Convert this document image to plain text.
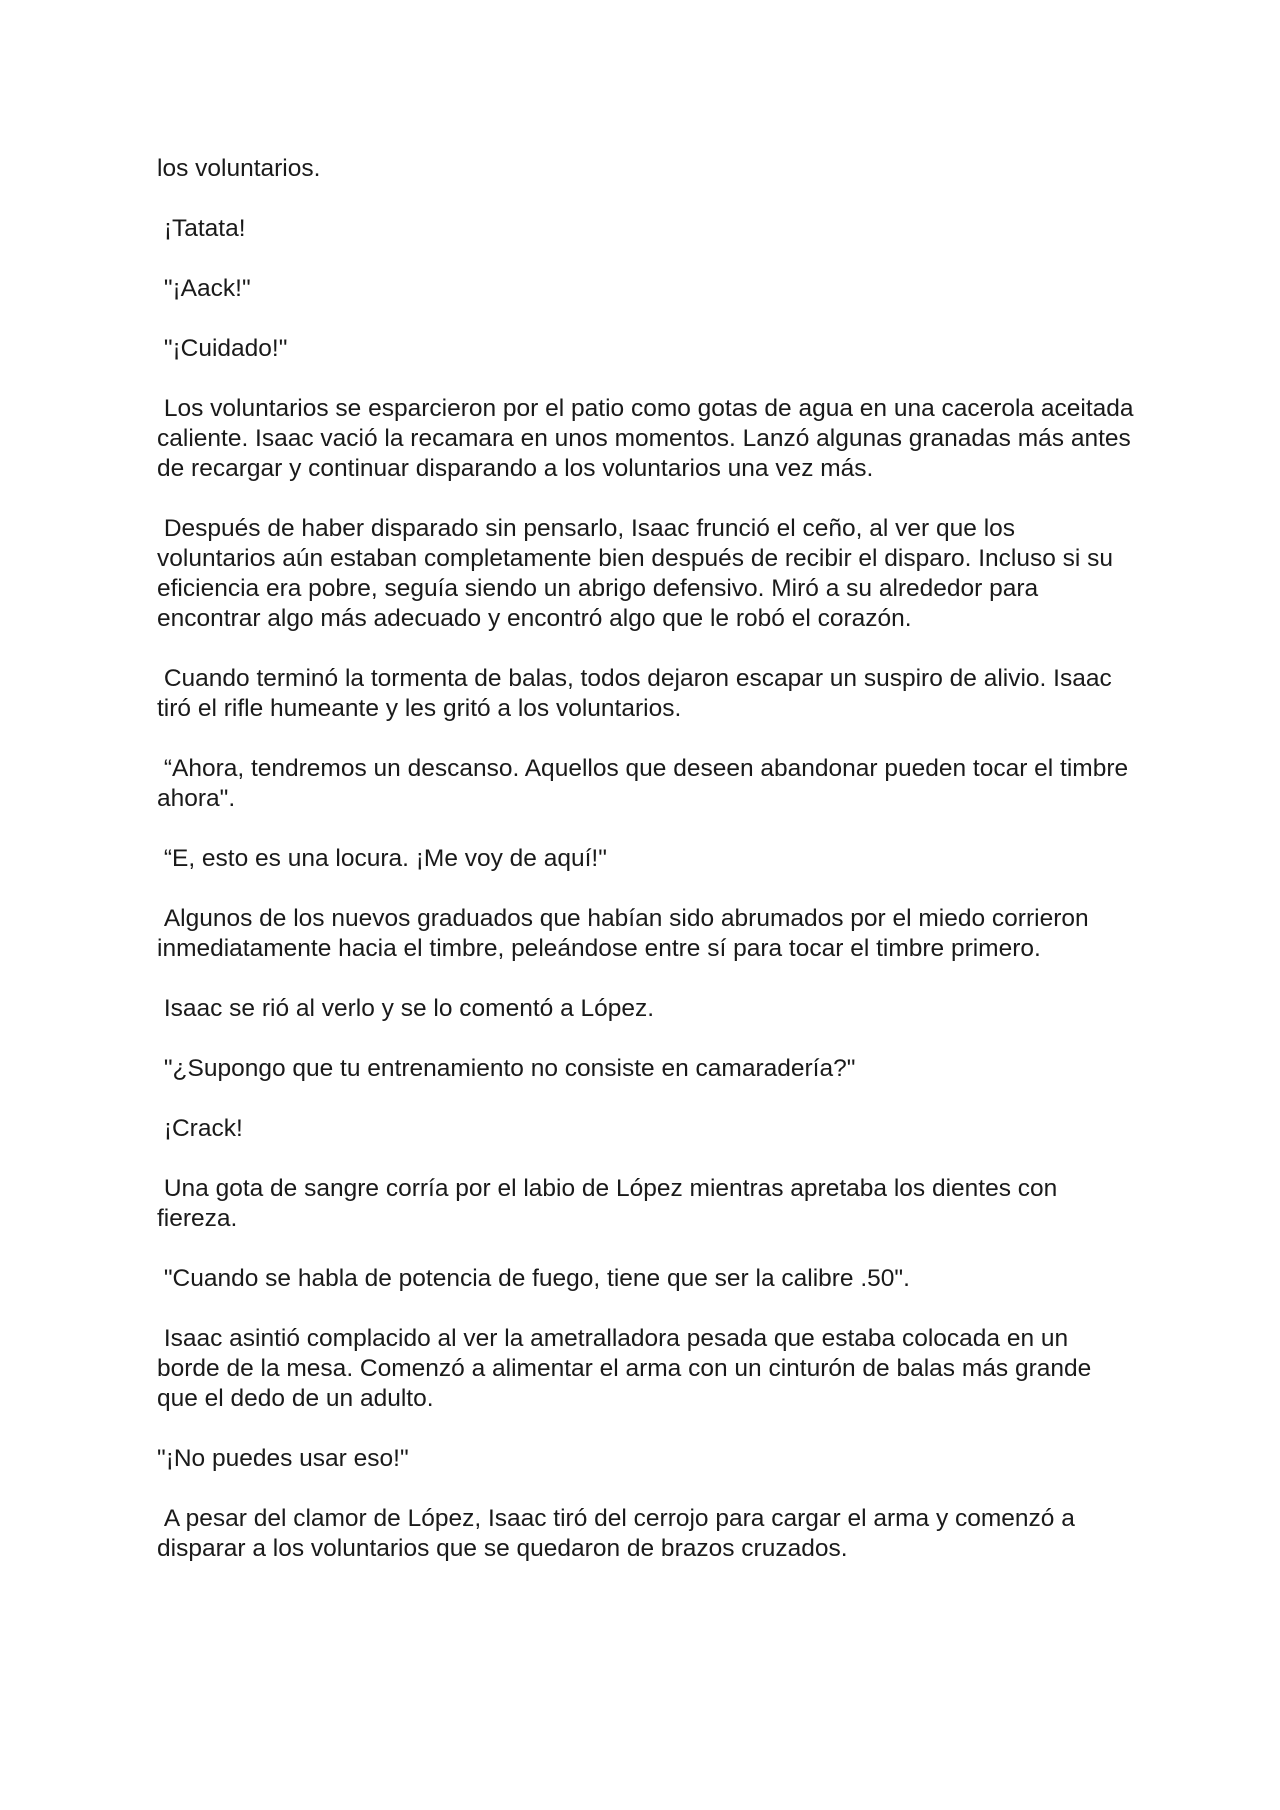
los voluntarios.

¡Tatata!

"¡Aack!"

"¡Cuidado!"

Los voluntarios se esparcieron por el patio como gotas de agua en una cacerola aceitada caliente. Isaac vació la recamara en unos momentos. Lanzó algunas granadas más antes de recargar y continuar disparando a los voluntarios una vez más.

Después de haber disparado sin pensarlo, Isaac frunció el ceño, al ver que los voluntarios aún estaban completamente bien después de recibir el disparo. Incluso si su eficiencia era pobre, seguía siendo un abrigo defensivo. Miró a su alrededor para encontrar algo más adecuado y encontró algo que le robó el corazón.

Cuando terminó la tormenta de balas, todos dejaron escapar un suspiro de alivio. Isaac tiró el rifle humeante y les gritó a los voluntarios.

“Ahora, tendremos un descanso. Aquellos que deseen abandonar pueden tocar el timbre ahora".

“E, esto es una locura. ¡Me voy de aquí!"

Algunos de los nuevos graduados que habían sido abrumados por el miedo corrieron inmediatamente hacia el timbre, peleándose entre sí para tocar el timbre primero.

Isaac se rió al verlo y se lo comentó a López.

"¿Supongo que tu entrenamiento no consiste en camaradería?"

¡Crack!

Una gota de sangre corría por el labio de López mientras apretaba los dientes con fiereza.

"Cuando se habla de potencia de fuego, tiene que ser la calibre .50".

Isaac asintió complacido al ver la ametralladora pesada que estaba colocada en un borde de la mesa. Comenzó a alimentar el arma con un cinturón de balas más grande que el dedo de un adulto.

"¡No puedes usar eso!"

A pesar del clamor de López, Isaac tiró del cerrojo para cargar el arma y comenzó a disparar a los voluntarios que se quedaron de brazos cruzados.
